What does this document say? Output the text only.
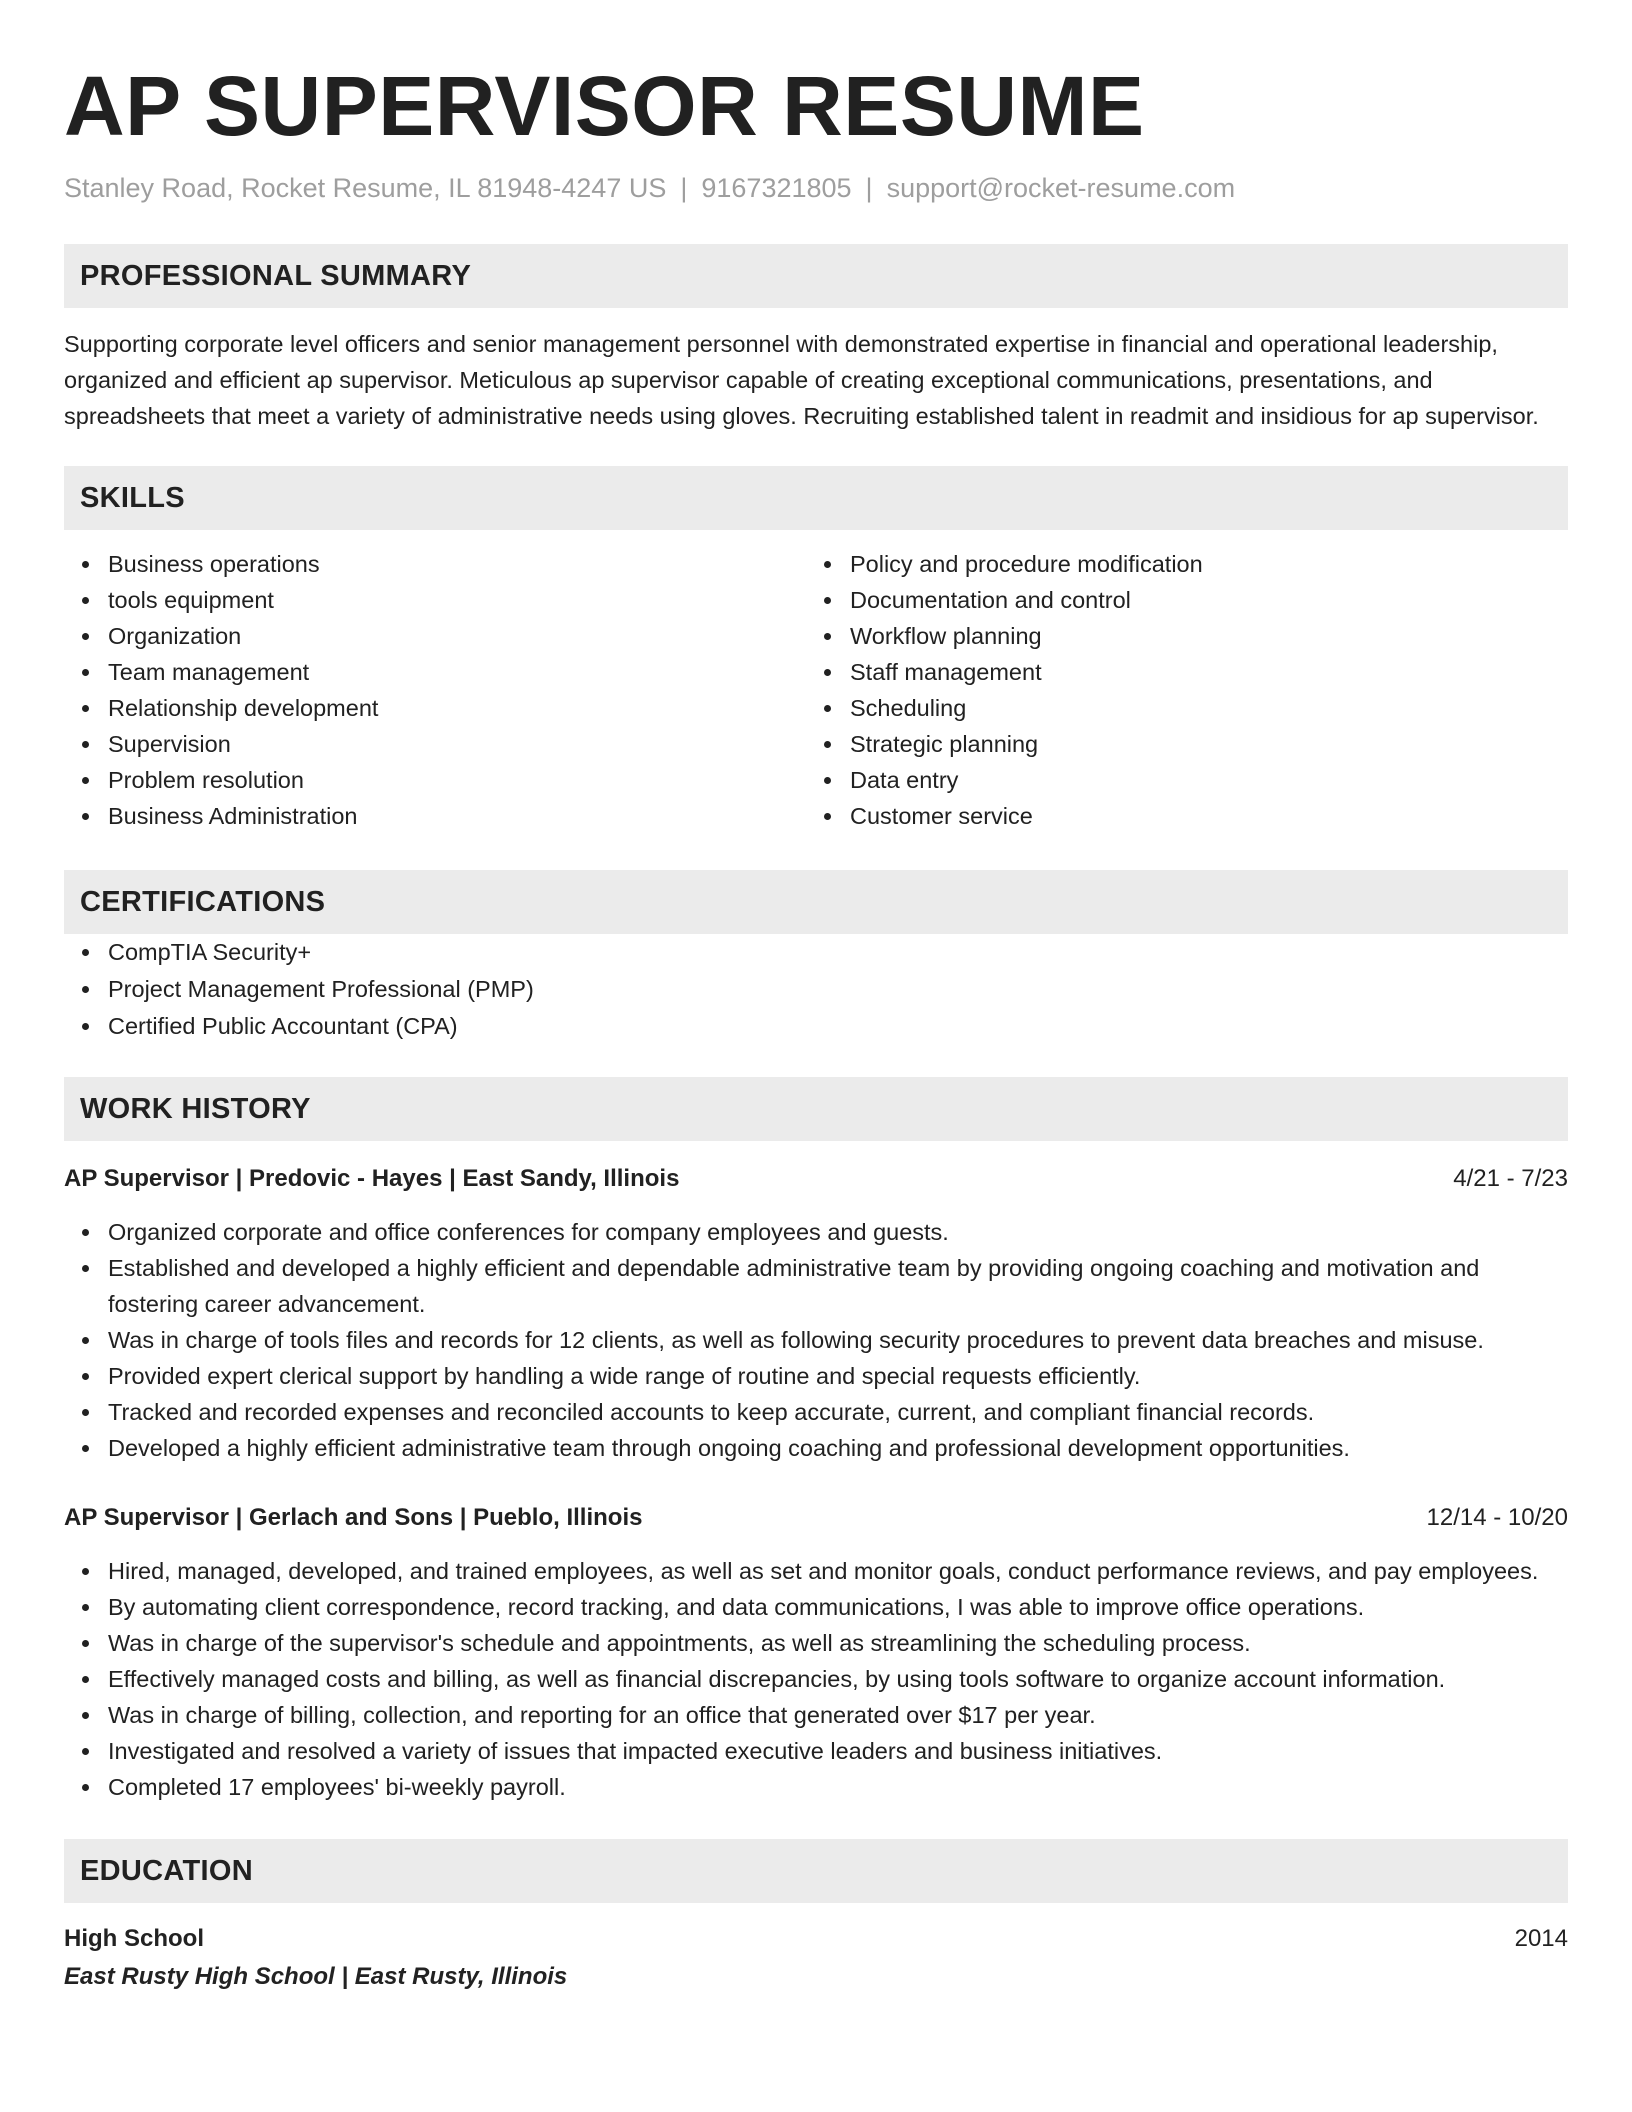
AP SUPERVISOR RESUME
Stanley Road, Rocket Resume, IL 81948-4247 US | 9167321805 | support@rocket-resume.com
PROFESSIONAL SUMMARY

Supporting corporate level officers and senior management personnel with demonstrated expertise in financial and operational leadership, organized and efficient ap supervisor. Meticulous ap supervisor capable of creating exceptional communications, presentations, and spreadsheets that meet a variety of administrative needs using gloves. Recruiting established talent in readmit and insidious for ap supervisor.

SKILLS
Business operations
tools equipment
Organization
Team management
Relationship development
Supervision
Problem resolution
Business Administration
Policy and procedure modification
Documentation and control
Workflow planning
Staff management
Scheduling
Strategic planning
Data entry
Customer service
CERTIFICATIONS
CompTIA Security+
Project Management Professional (PMP)
Certified Public Accountant (CPA)
WORK HISTORY
AP Supervisor | Predovic - Hayes | East Sandy, Illinois	4/21 - 7/23
Organized corporate and office conferences for company employees and guests.
Established and developed a highly efficient and dependable administrative team by providing ongoing coaching and motivation and fostering career advancement.
Was in charge of tools files and records for 12 clients, as well as following security procedures to prevent data breaches and misuse.
Provided expert clerical support by handling a wide range of routine and special requests efficiently.
Tracked and recorded expenses and reconciled accounts to keep accurate, current, and compliant financial records.
Developed a highly efficient administrative team through ongoing coaching and professional development opportunities.
AP Supervisor | Gerlach and Sons | Pueblo, Illinois	12/14 - 10/20
Hired, managed, developed, and trained employees, as well as set and monitor goals, conduct performance reviews, and pay employees.
By automating client correspondence, record tracking, and data communications, I was able to improve office operations.
Was in charge of the supervisor's schedule and appointments, as well as streamlining the scheduling process.
Effectively managed costs and billing, as well as financial discrepancies, by using tools software to organize account information.
Was in charge of billing, collection, and reporting for an office that generated over $17 per year.
Investigated and resolved a variety of issues that impacted executive leaders and business initiatives.
Completed 17 employees' bi-weekly payroll.
EDUCATION
High School	2014
East Rusty High School | East Rusty, Illinois
